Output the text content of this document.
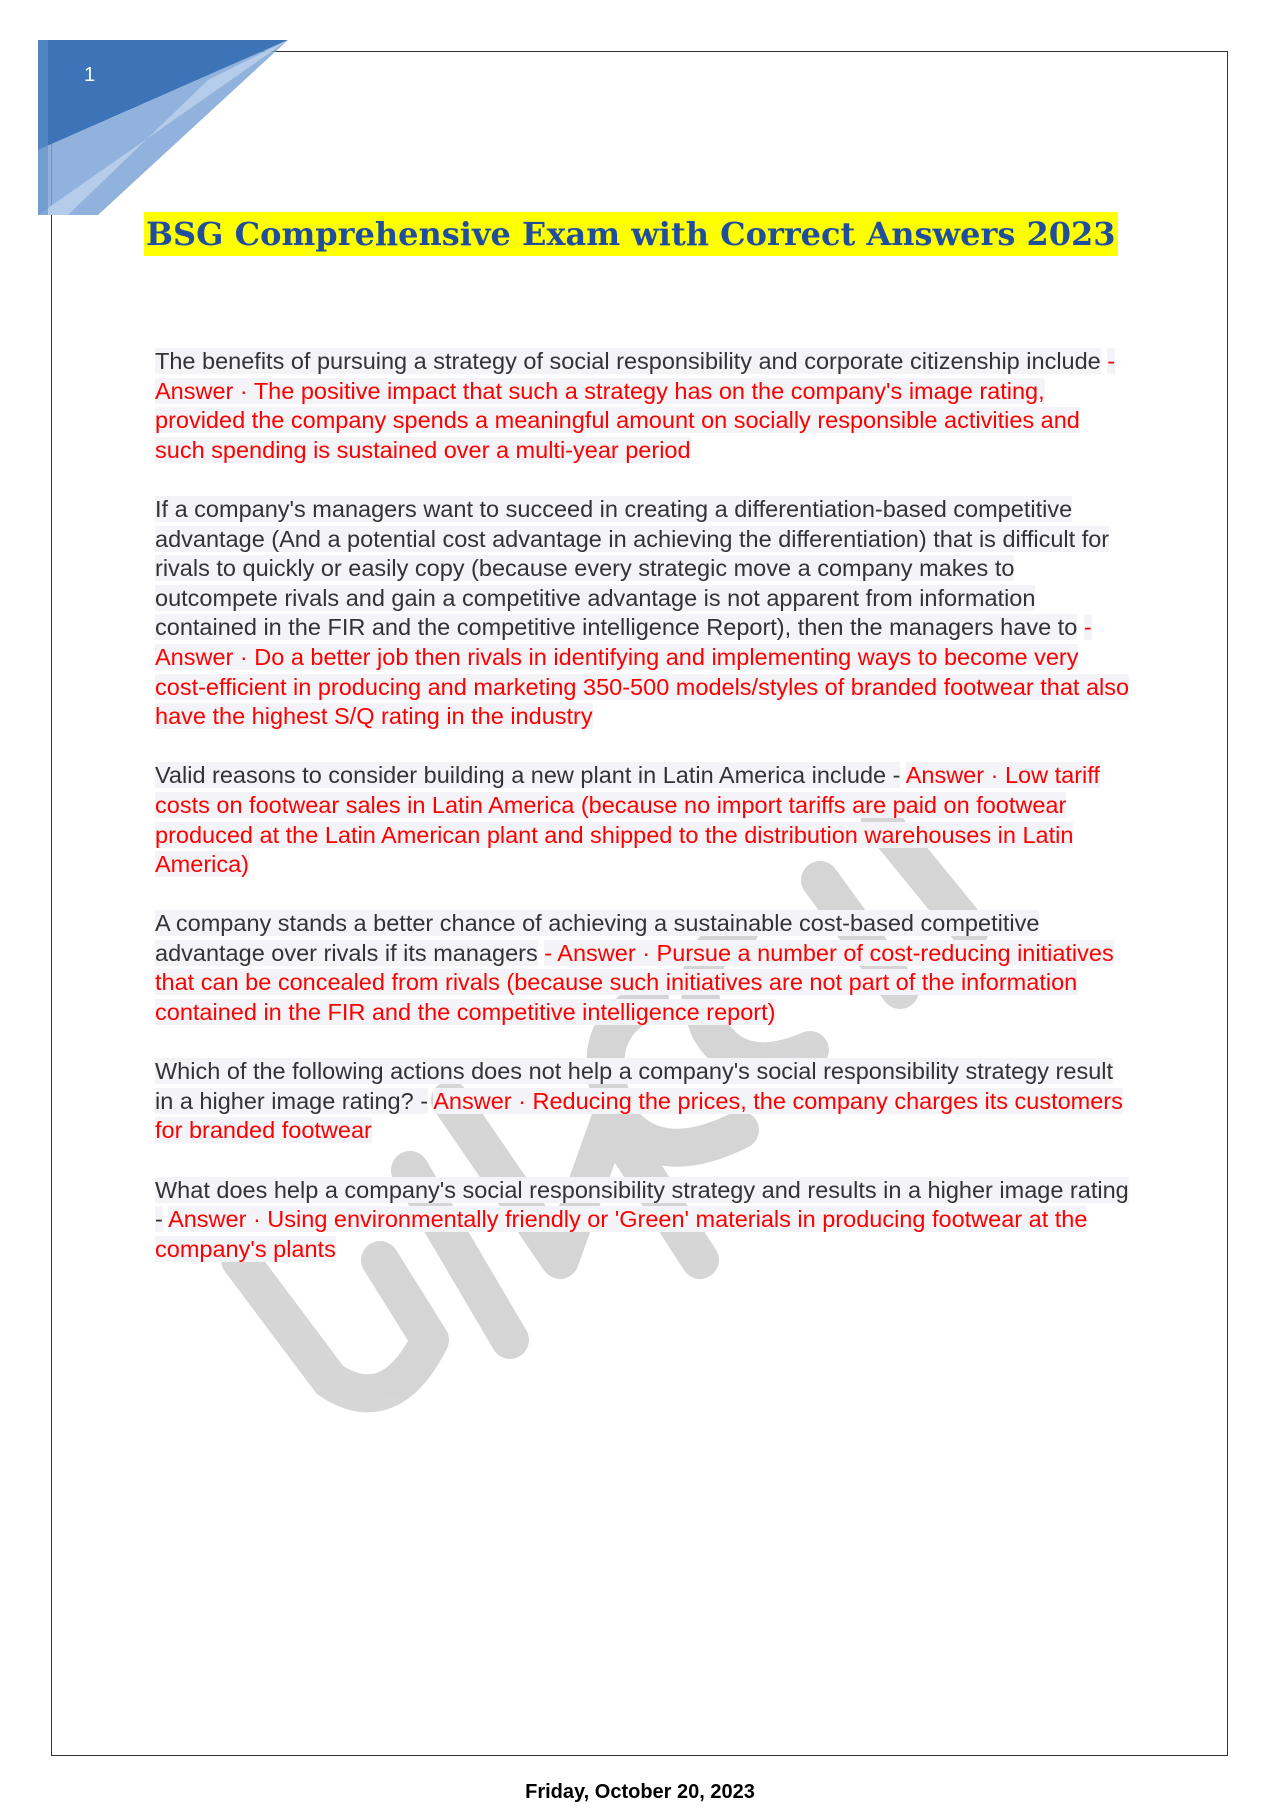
1
BSG Comprehensive Exam with Correct Answers 2023

The benefits of pursuing a strategy of social responsibility and corporate citizenship include - Answer · The positive impact that such a strategy has on the company's image rating, provided the company spends a meaningful amount on socially responsible activities and such spending is sustained over a multi-year period

If a company's managers want to succeed in creating a differentiation-based competitive advantage (And a potential cost advantage in achieving the differentiation) that is difficult for rivals to quickly or easily copy (because every strategic move a company makes to outcompete rivals and gain a competitive advantage is not apparent from information contained in the FIR and the competitive intelligence Report), then the managers have to - Answer · Do a better job then rivals in identifying and implementing ways to become very cost-efficient in producing and marketing 350-500 models/styles of branded footwear that also have the highest S/Q rating in the industry

Valid reasons to consider building a new plant in Latin America include - Answer · Low tariff costs on footwear sales in Latin America (because no import tariffs are paid on footwear produced at the Latin American plant and shipped to the distribution warehouses in Latin America)

A company stands a better chance of achieving a sustainable cost-based competitive advantage over rivals if its managers - Answer · Pursue a number of cost-reducing initiatives that can be concealed from rivals (because such initiatives are not part of the information contained in the FIR and the competitive intelligence report)

Which of the following actions does not help a company's social responsibility strategy result in a higher image rating? - Answer · Reducing the prices, the company charges its customers for branded footwear

What does help a company's social responsibility strategy and results in a higher image rating - Answer · Using environmentally friendly or 'Green' materials in producing footwear at the company's plants

Friday, October 20, 2023
